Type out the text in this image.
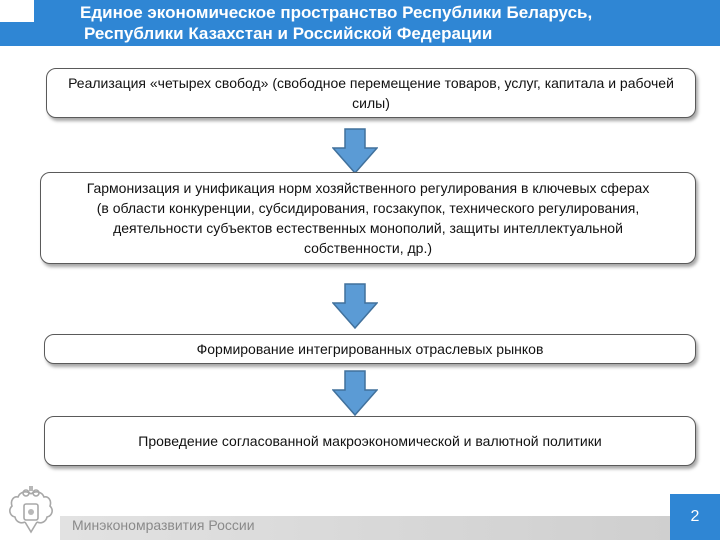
Единое экономическое пространство Республики Беларусь,
Республики Казахстан и Российской Федерации
Реализация «четырех свобод» (свободное перемещение товаров, услуг, капитала и рабочей силы)
Гармонизация и унификация норм хозяйственного регулирования в ключевых сферах (в области конкуренции, субсидирования, госзакупок, технического регулирования, деятельности субъектов естественных монополий, защиты интеллектуальной собственности, др.)
Формирование интегрированных отраслевых рынков
Проведение согласованной макроэкономической и валютной политики
Минэкономразвития России	2
